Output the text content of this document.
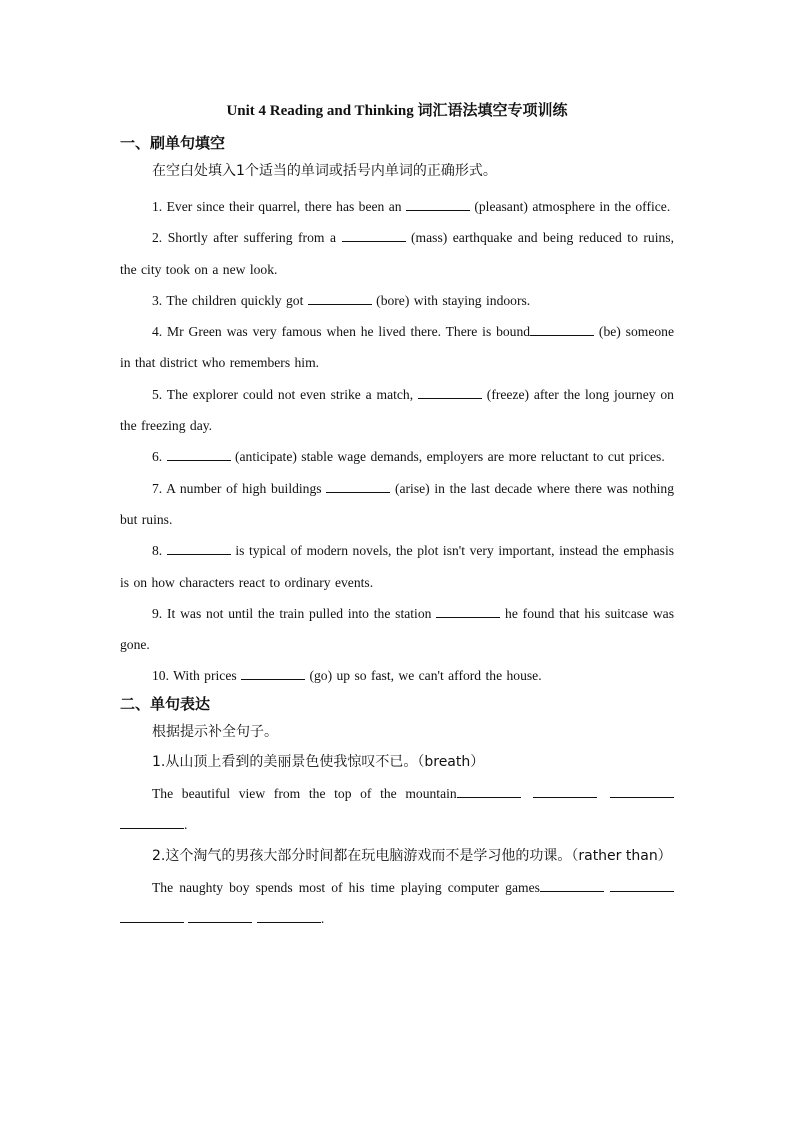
Unit 4 Reading and Thinking 词汇语法填空专项训练
一、刷单句填空
在空白处填入1个适当的单词或括号内单词的正确形式。

1. Ever since their quarrel, there has been an	(pleasant) atmosphere in the office.

2. Shortly after suffering from a	(mass) earthquake and being reduced to ruins, the city took on a new look.

3. The children quickly got	(bore) with staying indoors.

4. Mr Green was very famous when he lived there. There is bound	(be) someone in that district who remembers him.

5. The explorer could not even strike a match,	(freeze) after the long journey on the freezing day.

6.	(anticipate) stable wage demands, employers are more reluctant to cut prices.

7. A number of high buildings	(arise) in the last decade where there was nothing but ruins.

8.	is typical of modern novels, the plot isn't very important, instead the emphasis is on how characters react to ordinary events.

9. It was not until the train pulled into the station	he found that his suitcase was gone.

10. With prices	(go) up so fast, we can't afford the house.

二、单句表达
根据提示补全句子。

1.从山顶上看到的美丽景色使我惊叹不已。（breath）

The beautiful view from the top of the mountain   .

2.这个淘气的男孩大部分时间都在玩电脑游戏而不是学习他的功课。（rather than）

The naughty boy spends most of his time playing computer games    .
